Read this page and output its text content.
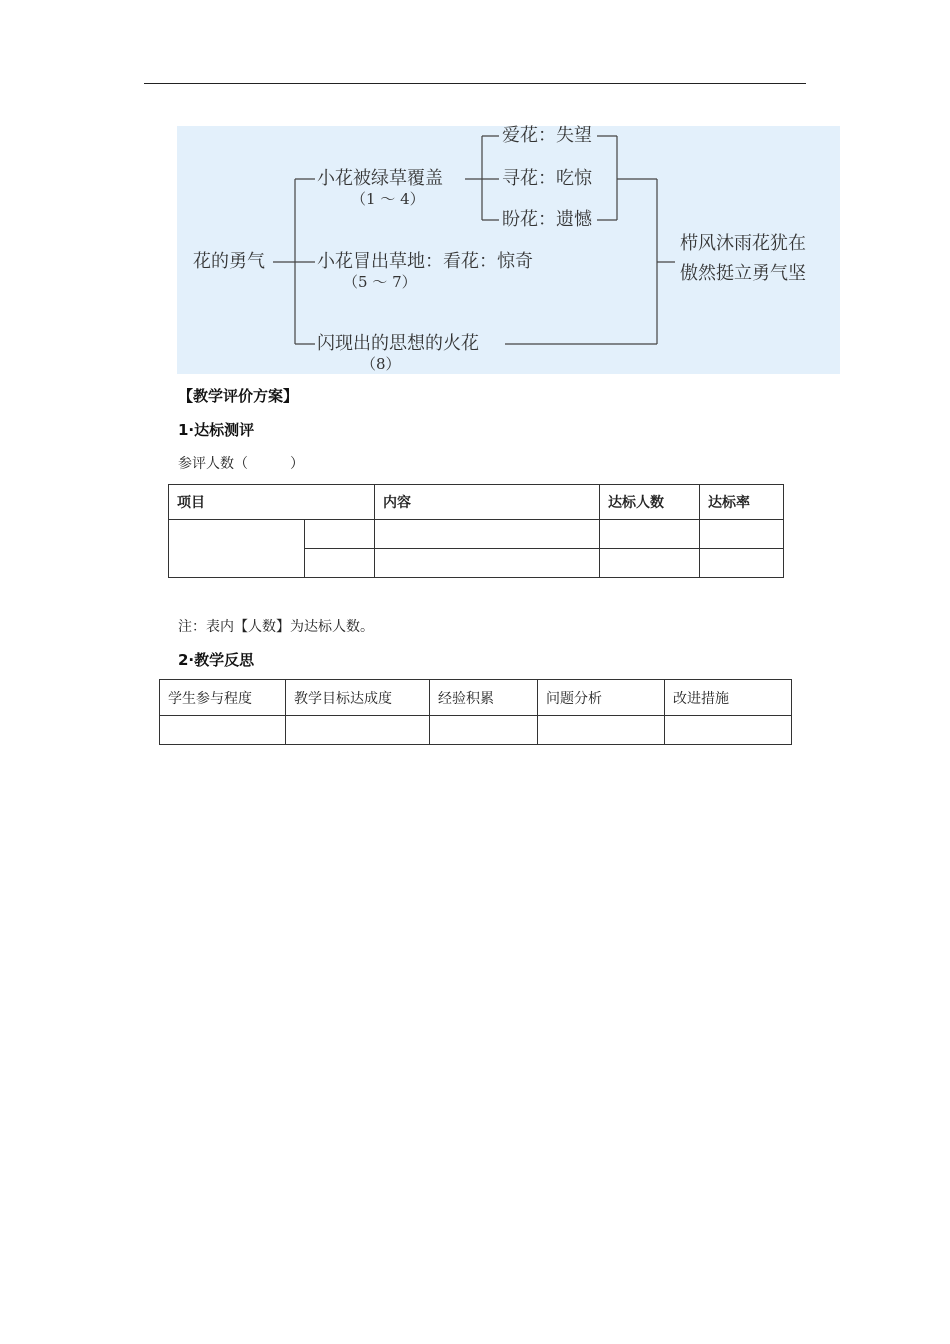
花的勇气
小花被绿草覆盖
（1 ～ 4）
爱花：失望
寻花：吃惊
盼花：遗憾
小花冒出草地：看花：惊奇
（5 ～ 7）
闪现出的思想的火花
（8）
栉风沐雨花犹在
傲然挺立勇气坚
【教学评价方案】
1·达标测评
参评人数（　　　）
项目		内容	达标人数	达标率

注：表内【人数】为达标人数。
2·教学反思
学生参与程度	教学目标达成度	经验积累	问题分析	改进措施
